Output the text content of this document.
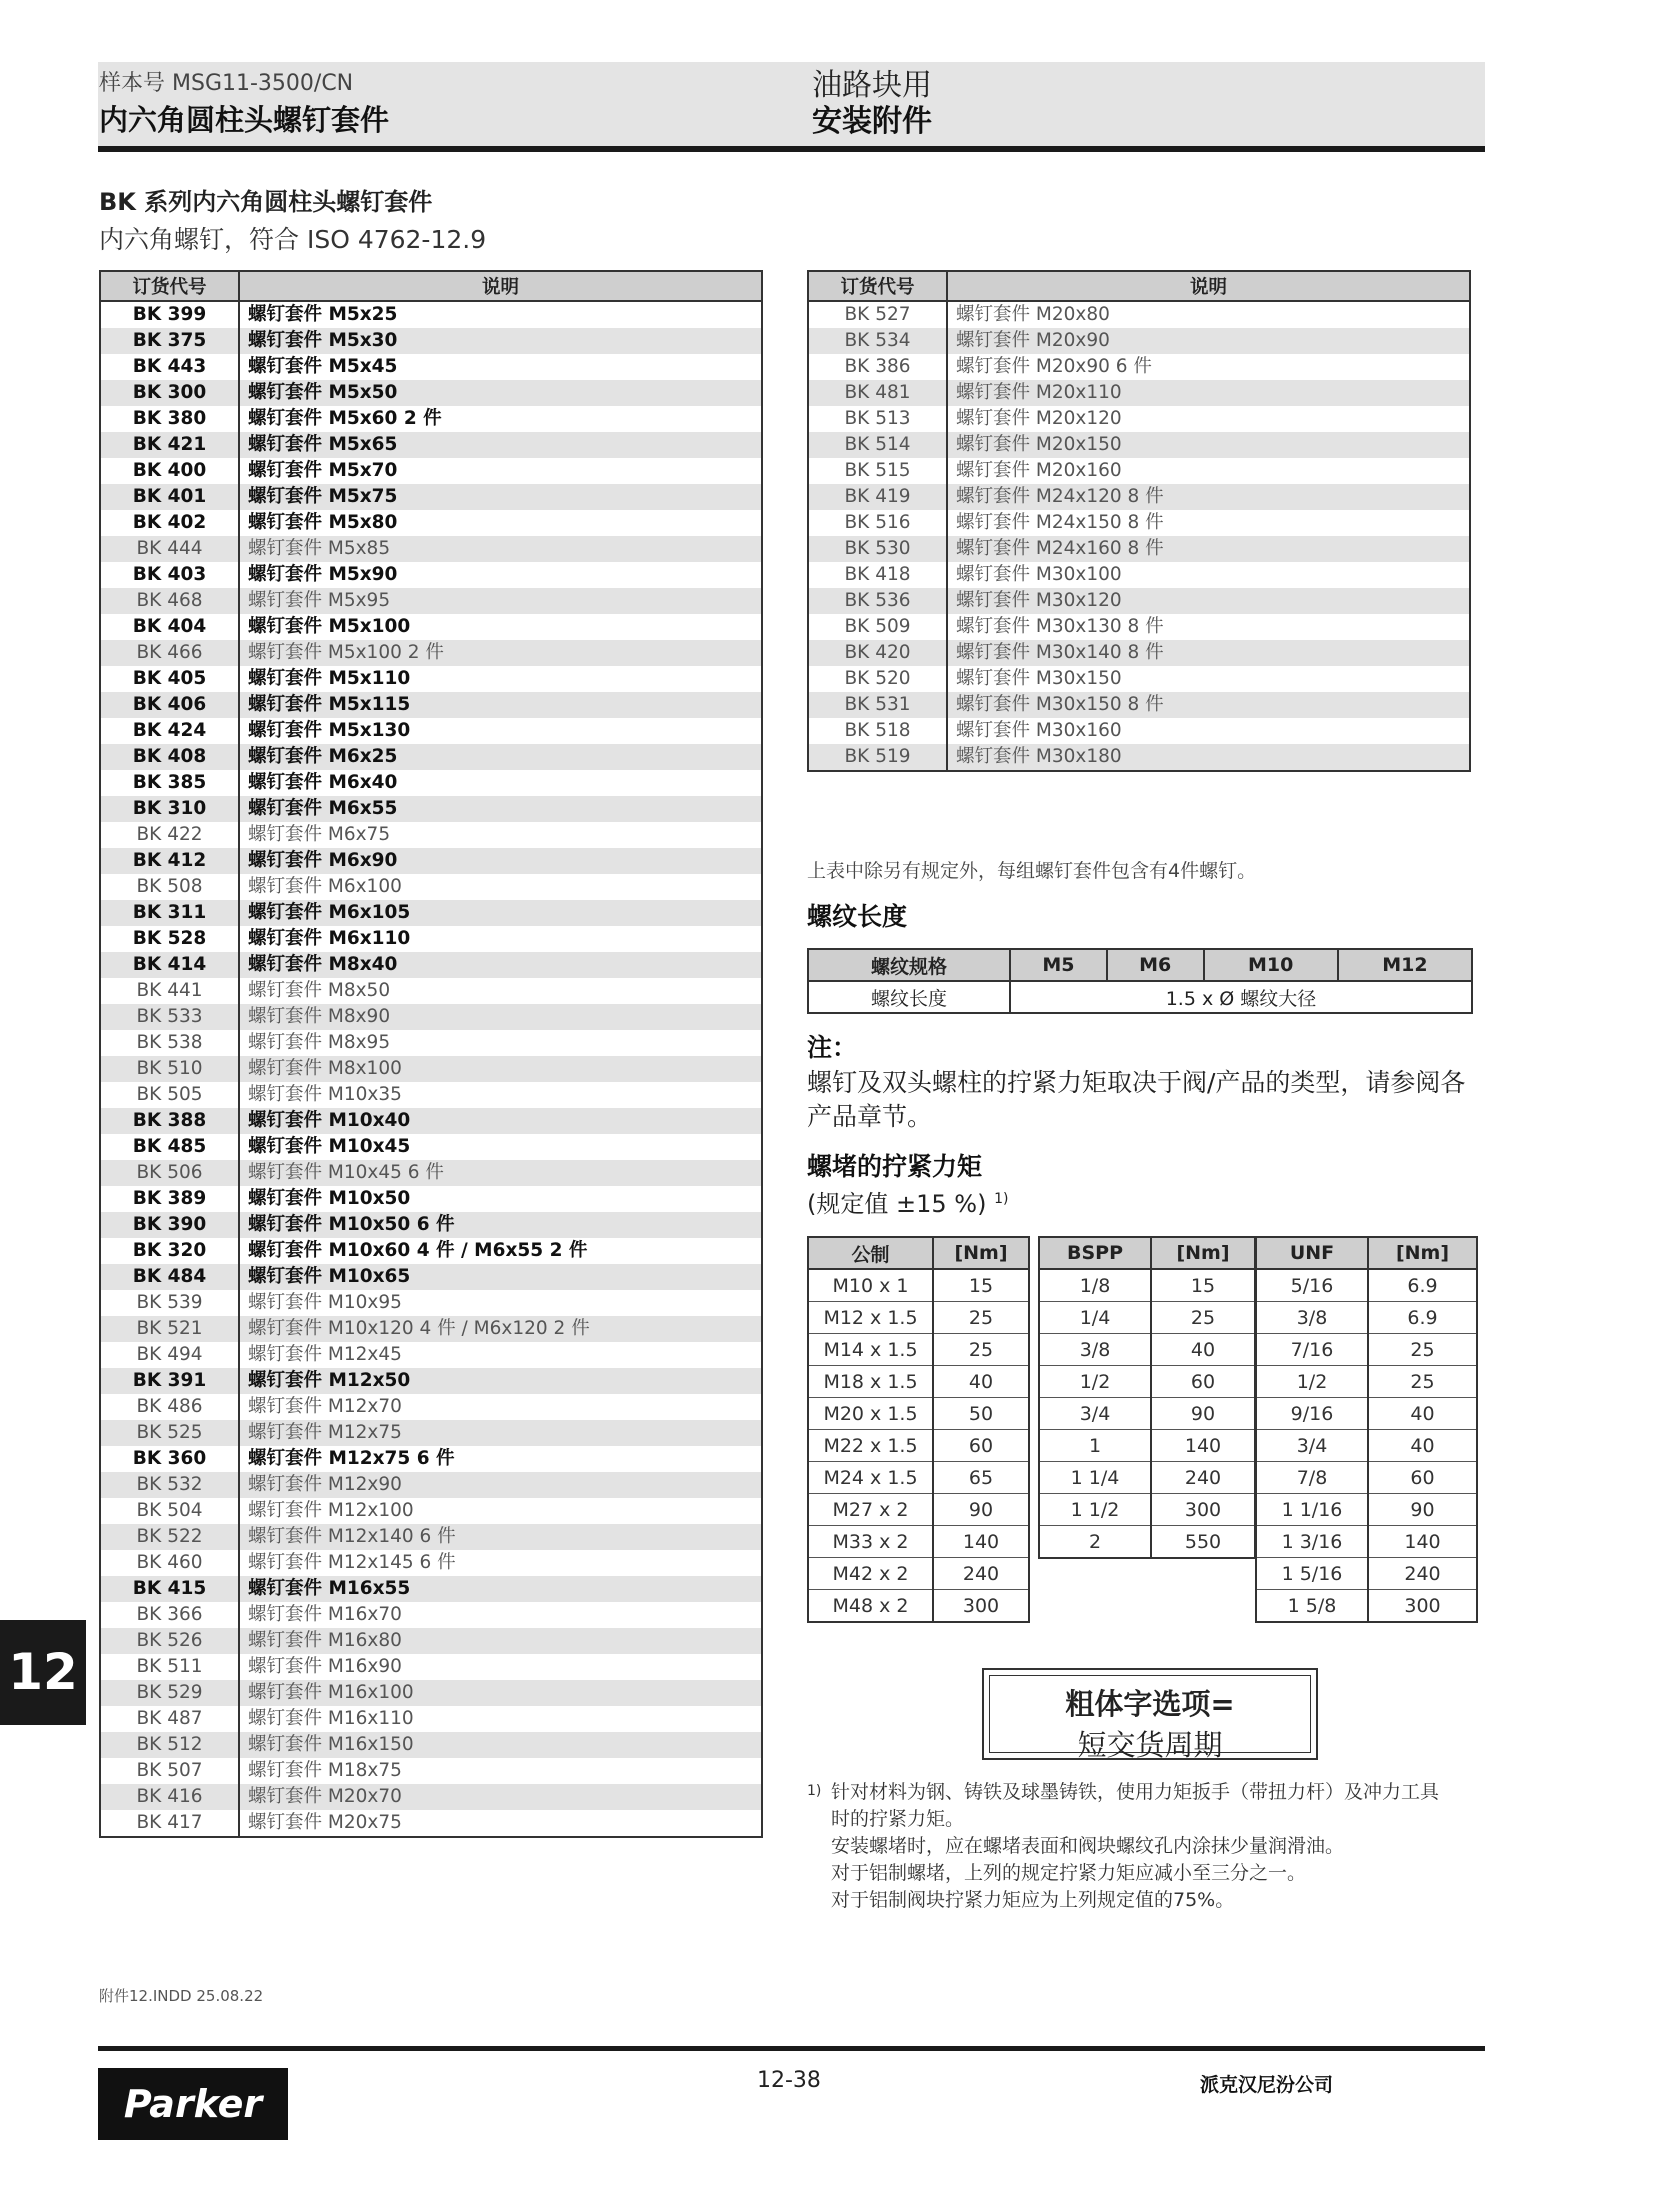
样本号 MSG11-3500/CN
内六角圆柱头螺钉套件
油路块用
安装附件
BK 系列内六角圆柱头螺钉套件
内六角螺钉，符合 ISO 4762-12.9
订货代号	说明
BK 399	螺钉套件 M5x25
BK 375	螺钉套件 M5x30
BK 443	螺钉套件 M5x45
BK 300	螺钉套件 M5x50
BK 380	螺钉套件 M5x60 2 件
BK 421	螺钉套件 M5x65
BK 400	螺钉套件 M5x70
BK 401	螺钉套件 M5x75
BK 402	螺钉套件 M5x80
BK 444	螺钉套件 M5x85
BK 403	螺钉套件 M5x90
BK 468	螺钉套件 M5x95
BK 404	螺钉套件 M5x100
BK 466	螺钉套件 M5x100 2 件
BK 405	螺钉套件 M5x110
BK 406	螺钉套件 M5x115
BK 424	螺钉套件 M5x130
BK 408	螺钉套件 M6x25
BK 385	螺钉套件 M6x40
BK 310	螺钉套件 M6x55
BK 422	螺钉套件 M6x75
BK 412	螺钉套件 M6x90
BK 508	螺钉套件 M6x100
BK 311	螺钉套件 M6x105
BK 528	螺钉套件 M6x110
BK 414	螺钉套件 M8x40
BK 441	螺钉套件 M8x50
BK 533	螺钉套件 M8x90
BK 538	螺钉套件 M8x95
BK 510	螺钉套件 M8x100
BK 505	螺钉套件 M10x35
BK 388	螺钉套件 M10x40
BK 485	螺钉套件 M10x45
BK 506	螺钉套件 M10x45 6 件
BK 389	螺钉套件 M10x50
BK 390	螺钉套件 M10x50 6 件
BK 320	螺钉套件 M10x60 4 件 / M6x55 2 件
BK 484	螺钉套件 M10x65
BK 539	螺钉套件 M10x95
BK 521	螺钉套件 M10x120 4 件 / M6x120 2 件
BK 494	螺钉套件 M12x45
BK 391	螺钉套件 M12x50
BK 486	螺钉套件 M12x70
BK 525	螺钉套件 M12x75
BK 360	螺钉套件 M12x75 6 件
BK 532	螺钉套件 M12x90
BK 504	螺钉套件 M12x100
BK 522	螺钉套件 M12x140 6 件
BK 460	螺钉套件 M12x145 6 件
BK 415	螺钉套件 M16x55
BK 366	螺钉套件 M16x70
BK 526	螺钉套件 M16x80
BK 511	螺钉套件 M16x90
BK 529	螺钉套件 M16x100
BK 487	螺钉套件 M16x110
BK 512	螺钉套件 M16x150
BK 507	螺钉套件 M18x75
BK 416	螺钉套件 M20x70
BK 417	螺钉套件 M20x75
订货代号	说明
BK 527	螺钉套件 M20x80
BK 534	螺钉套件 M20x90
BK 386	螺钉套件 M20x90 6 件
BK 481	螺钉套件 M20x110
BK 513	螺钉套件 M20x120
BK 514	螺钉套件 M20x150
BK 515	螺钉套件 M20x160
BK 419	螺钉套件 M24x120 8 件
BK 516	螺钉套件 M24x150 8 件
BK 530	螺钉套件 M24x160 8 件
BK 418	螺钉套件 M30x100
BK 536	螺钉套件 M30x120
BK 509	螺钉套件 M30x130 8 件
BK 420	螺钉套件 M30x140 8 件
BK 520	螺钉套件 M30x150
BK 531	螺钉套件 M30x150 8 件
BK 518	螺钉套件 M30x160
BK 519	螺钉套件 M30x180
上表中除另有规定外，每组螺钉套件包含有4件螺钉。
螺纹长度
螺纹规格	M5	M6	M10	M12
螺纹长度	1.5 x Ø 螺纹大径			
注：
螺钉及双头螺柱的拧紧力矩取决于阀/产品的类型，请参阅各产品章节。
螺堵的拧紧力矩
(规定值 ±15 %) $^{1)}$
公制	[Nm]
M10 x 1	15
M12 x 1.5	25
M14 x 1.5	25
M18 x 1.5	40
M20 x 1.5	50
M22 x 1.5	60
M24 x 1.5	65
M27 x 2	90
M33 x 2	140
M42 x 2	240
M48 x 2	300
BSPP	[Nm]
1/8	15
1/4	25
3/8	40
1/2	60
3/4	90
1	140
1 1/4	240
1 1/2	300
2	550
UNF	[Nm]
5/16	6.9
3/8	6.9
7/16	25
1/2	25
9/16	40
3/4	40
7/8	60
1 1/16	90
1 3/16	140
1 5/16	240
1 5/8	300
粗体字选项=
短交货周期
1) 针对材料为钢、铸铁及球墨铸铁，使用力矩扳手（带扭力杆）及冲力工具
时的拧紧力矩。
安装螺堵时，应在螺堵表面和阀块螺纹孔内涂抹少量润滑油。
对于铝制螺堵，上列的规定拧紧力矩应减小至三分之一。
对于铝制阀块拧紧力矩应为上列规定值的75%。
12
附件12.INDD 25.08.22
Parker
12-38	派克汉尼汾公司
